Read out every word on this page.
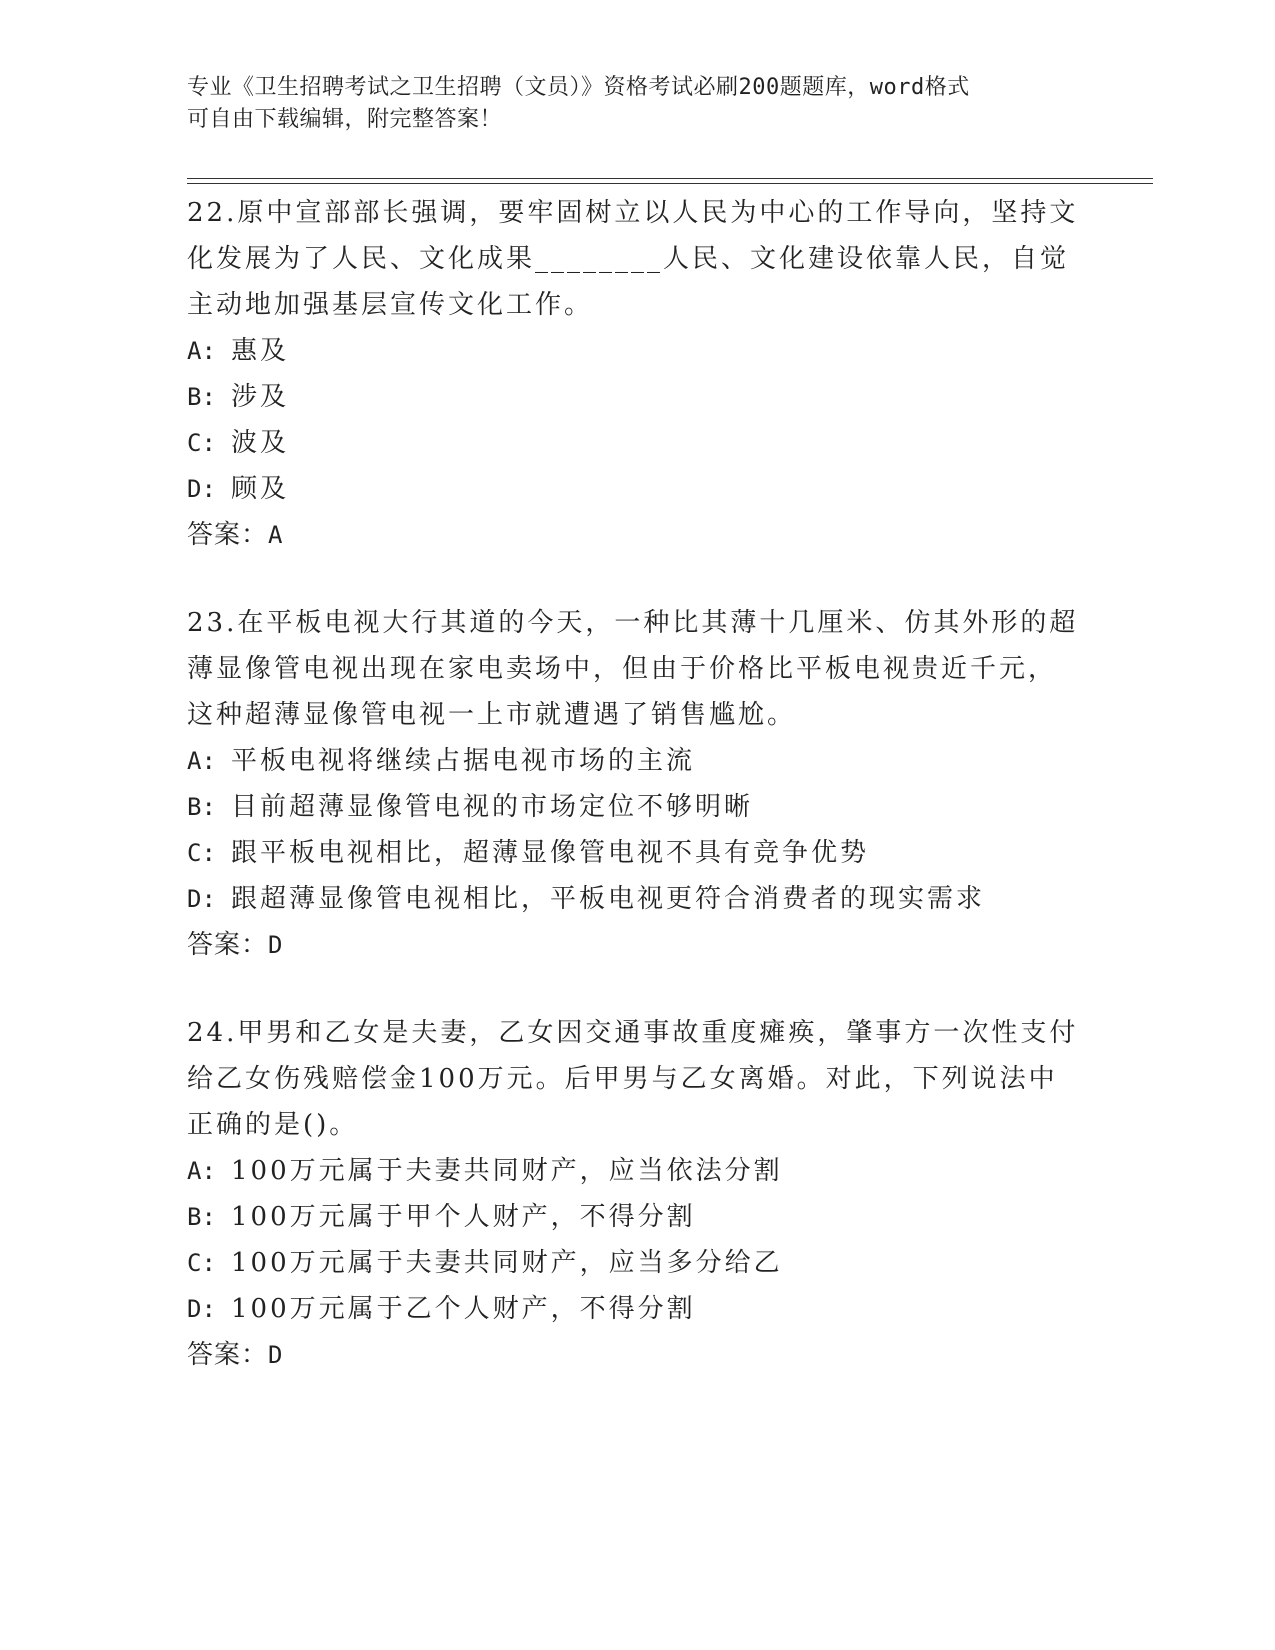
专业《卫生招聘考试之卫生招聘（文员）》资格考试必刷200题题库，word格式
可自由下载编辑，附完整答案！
22.原中宣部部长强调，要牢固树立以人民为中心的工作导向，坚持文
化发展为了人民、文化成果________人民、文化建设依靠人民，自觉
主动地加强基层宣传文化工作。
A: 惠及
B: 涉及
C: 波及
D: 顾及
答案：A
23.在平板电视大行其道的今天，一种比其薄十几厘米、仿其外形的超
薄显像管电视出现在家电卖场中，但由于价格比平板电视贵近千元，
这种超薄显像管电视一上市就遭遇了销售尴尬。
A: 平板电视将继续占据电视市场的主流
B: 目前超薄显像管电视的市场定位不够明晰
C: 跟平板电视相比，超薄显像管电视不具有竞争优势
D: 跟超薄显像管电视相比，平板电视更符合消费者的现实需求
答案：D
24.甲男和乙女是夫妻，乙女因交通事故重度瘫痪，肇事方一次性支付
给乙女伤残赔偿金100万元。后甲男与乙女离婚。对此，下列说法中
正确的是()。
A: 100万元属于夫妻共同财产，应当依法分割
B: 100万元属于甲个人财产，不得分割
C: 100万元属于夫妻共同财产，应当多分给乙
D: 100万元属于乙个人财产，不得分割
答案：D
